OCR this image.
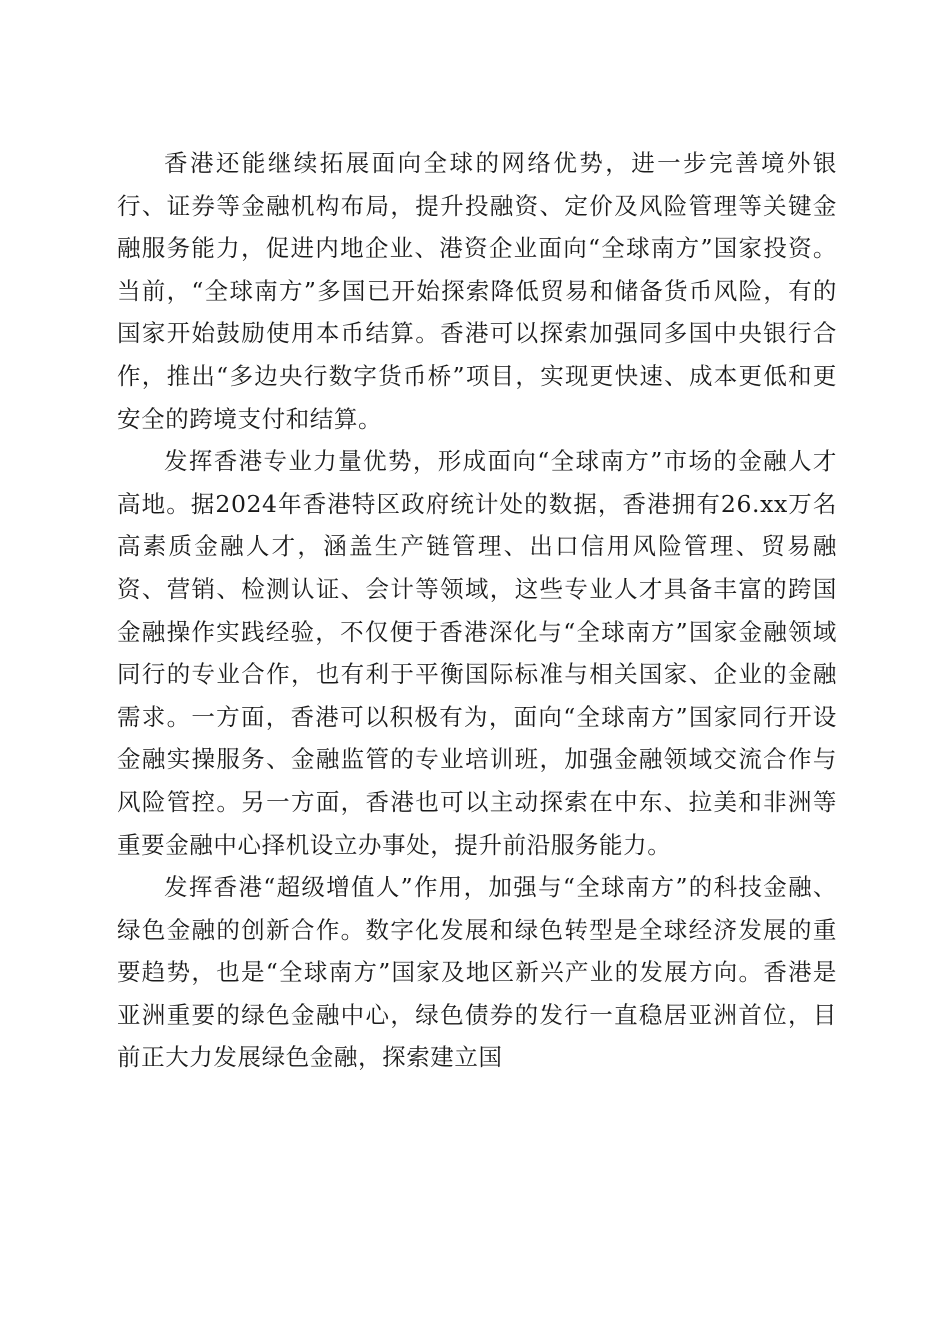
香港还能继续拓展面向全球的网络优势，进一步完善境外银行、证券等金融机构布局，提升投融资、定价及风险管理等关键金融服务能力，促进内地企业、港资企业面向“全球南方”国家投资。当前，“全球南方”多国已开始探索降低贸易和储备货币风险，有的国家开始鼓励使用本币结算。香港可以探索加强同多国中央银行合作，推出“多边央行数字货币桥”项目，实现更快速、成本更低和更安全的跨境支付和结算。

发挥香港专业力量优势，形成面向“全球南方”市场的金融人才高地。据2024年香港特区政府统计处的数据，香港拥有26.xx万名高素质金融人才，涵盖生产链管理、出口信用风险管理、贸易融资、营销、检测认证、会计等领域，这些专业人才具备丰富的跨国金融操作实践经验，不仅便于香港深化与“全球南方”国家金融领域同行的专业合作，也有利于平衡国际标准与相关国家、企业的金融需求。一方面，香港可以积极有为，面向“全球南方”国家同行开设金融实操服务、金融监管的专业培训班，加强金融领域交流合作与风险管控。另一方面，香港也可以主动探索在中东、拉美和非洲等重要金融中心择机设立办事处，提升前沿服务能力。

发挥香港“超级增值人”作用，加强与“全球南方”的科技金融、绿色金融的创新合作。数字化发展和绿色转型是全球经济发展的重要趋势，也是“全球南方”国家及地区新兴产业的发展方向。香港是亚洲重要的绿色金融中心，绿色债券的发行一直稳居亚洲首位，目前正大力发展绿色金融，探索建立国
